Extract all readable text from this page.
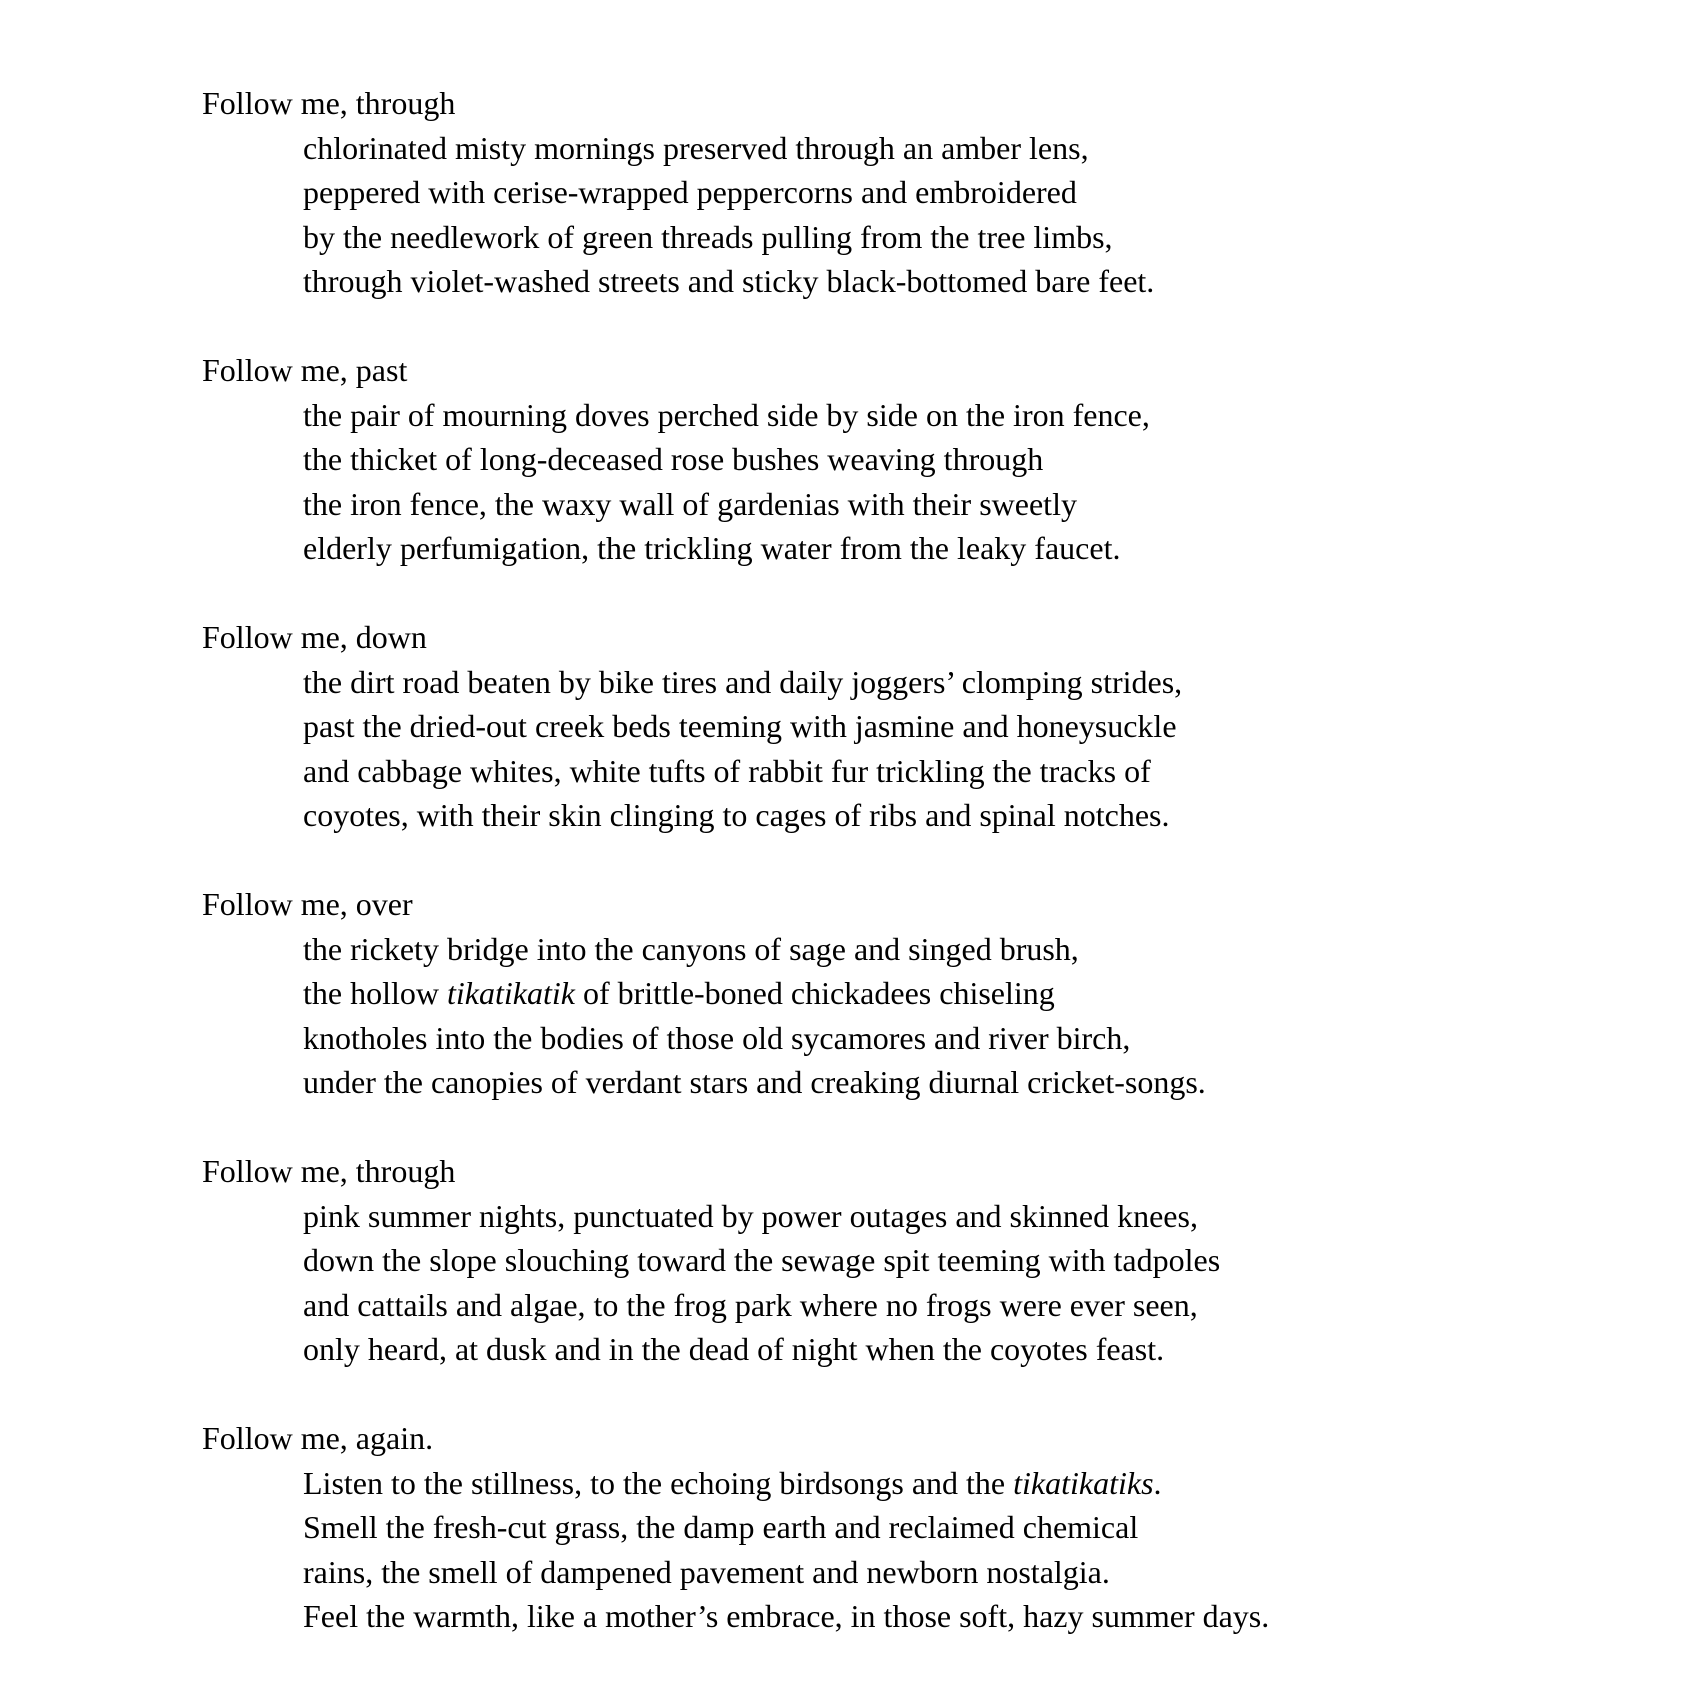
Follow me, through
chlorinated misty mornings preserved through an amber lens,
peppered with cerise-wrapped peppercorns and embroidered
by the needlework of green threads pulling from the tree limbs,
through violet-washed streets and sticky black-bottomed bare feet.
Follow me, past
the pair of mourning doves perched side by side on the iron fence,
the thicket of long-deceased rose bushes weaving through
the iron fence, the waxy wall of gardenias with their sweetly
elderly perfumigation, the trickling water from the leaky faucet.
Follow me, down
the dirt road beaten by bike tires and daily joggers’ clomping strides,
past the dried-out creek beds teeming with jasmine and honeysuckle
and cabbage whites, white tufts of rabbit fur trickling the tracks of
coyotes, with their skin clinging to cages of ribs and spinal notches.
Follow me, over
the rickety bridge into the canyons of sage and singed brush,
the hollow tikatikatik of brittle-boned chickadees chiseling
knotholes into the bodies of those old sycamores and river birch,
under the canopies of verdant stars and creaking diurnal cricket-songs.
Follow me, through
pink summer nights, punctuated by power outages and skinned knees,
down the slope slouching toward the sewage spit teeming with tadpoles
and cattails and algae, to the frog park where no frogs were ever seen,
only heard, at dusk and in the dead of night when the coyotes feast.
Follow me, again.
Listen to the stillness, to the echoing birdsongs and the tikatikatiks.
Smell the fresh-cut grass, the damp earth and reclaimed chemical
rains, the smell of dampened pavement and newborn nostalgia.
Feel the warmth, like a mother’s embrace, in those soft, hazy summer days.
